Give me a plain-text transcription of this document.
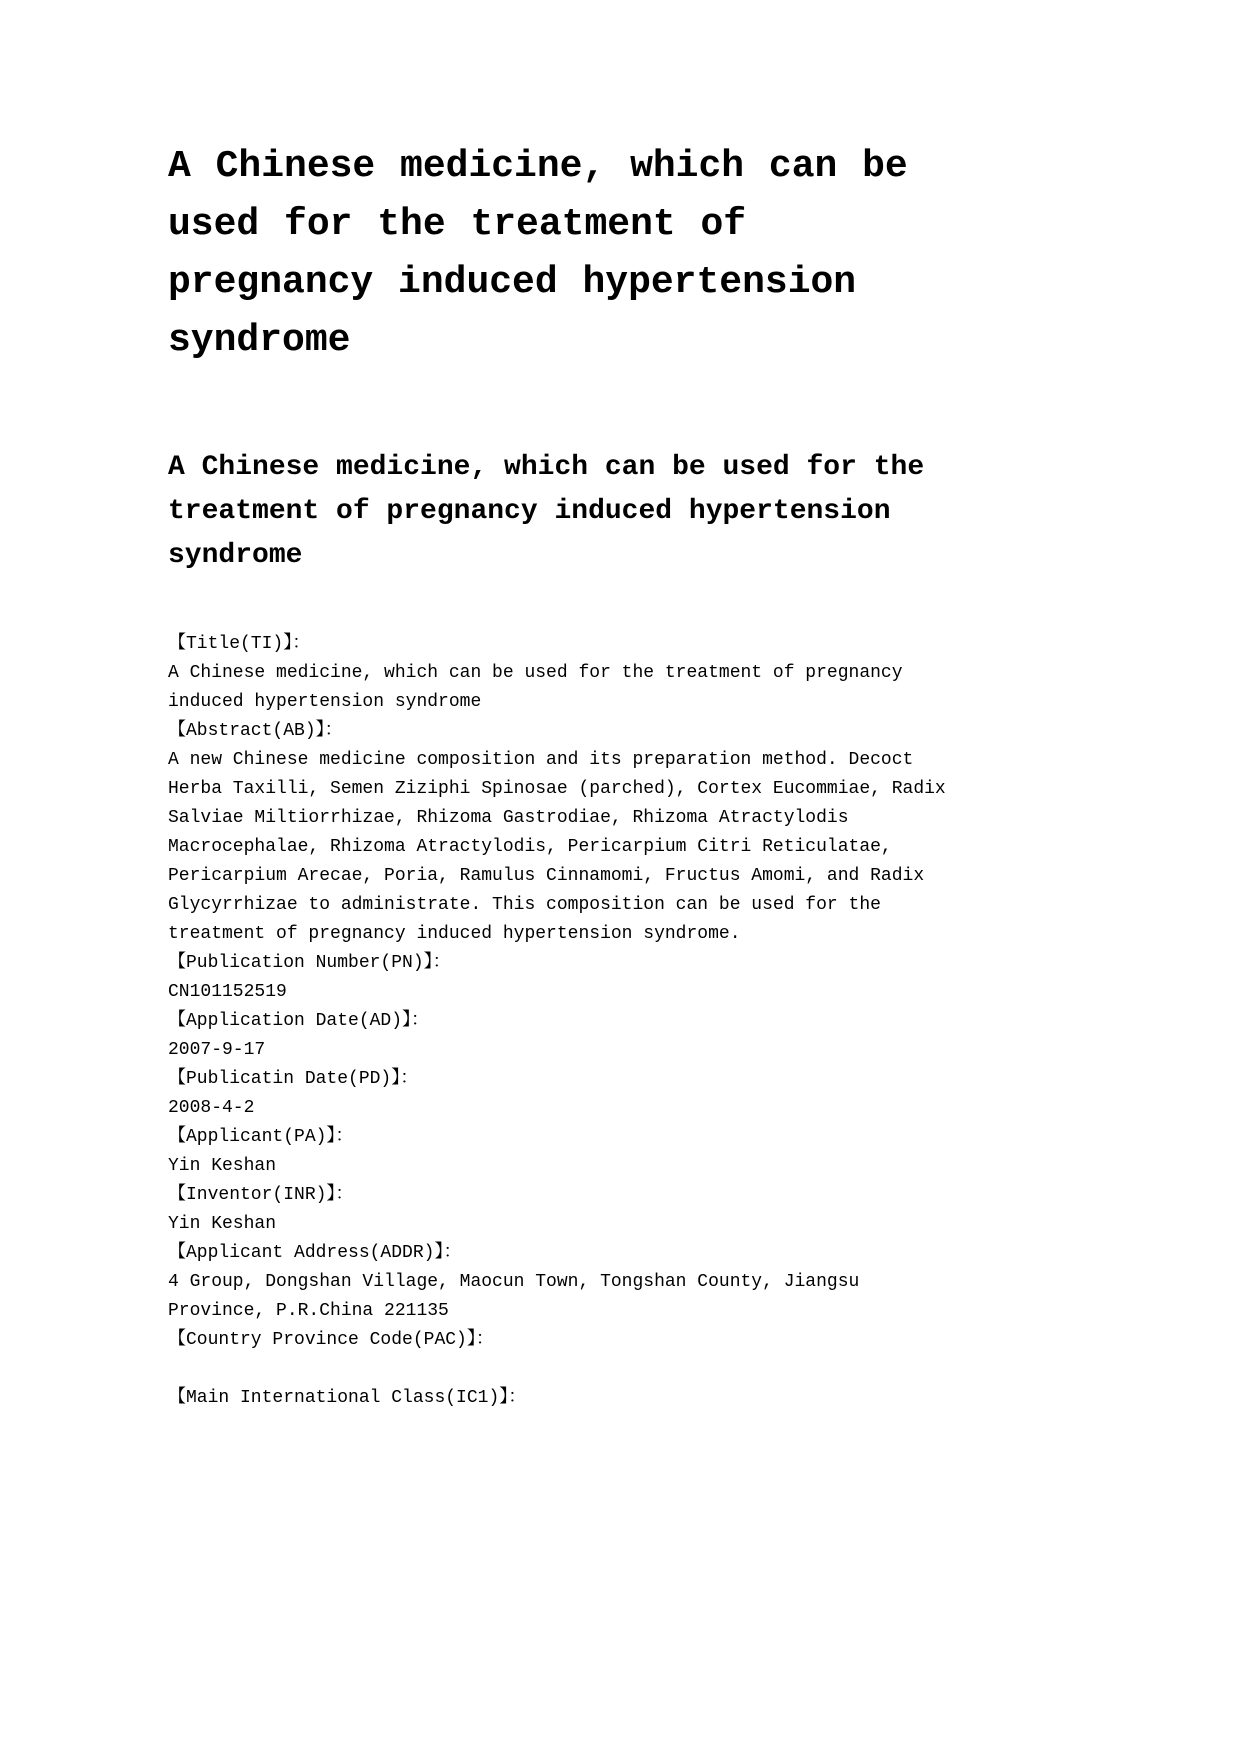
A Chinese medicine, which can be used for the treatment of pregnancy induced hypertension syndrome
A Chinese medicine, which can be used for the treatment of pregnancy induced hypertension syndrome
【Title(TI)】：
A Chinese medicine, which can be used for the treatment of pregnancy induced hypertension syndrome
【Abstract(AB)】：
A new Chinese medicine composition and its preparation method. Decoct Herba Taxilli, Semen Ziziphi Spinosae (parched), Cortex Eucommiae, Radix Salviae Miltiorrhizae, Rhizoma Gastrodiae, Rhizoma Atractylodis Macrocephalae, Rhizoma Atractylodis, Pericarpium Citri Reticulatae, Pericarpium Arecae, Poria, Ramulus Cinnamomi, Fructus Amomi, and Radix Glycyrrhizae to administrate. This composition can be used for the treatment of pregnancy induced hypertension syndrome.
【Publication Number(PN)】：
CN101152519
【Application Date(AD)】：
2007-9-17
【Publicatin Date(PD)】：
2008-4-2
【Applicant(PA)】：
Yin Keshan
【Inventor(INR)】：
Yin Keshan
【Applicant Address(ADDR)】：
4 Group, Dongshan Village, Maocun Town, Tongshan County, Jiangsu Province, P.R.China 221135
【Country Province Code(PAC)】：
【Main International Class(IC1)】：
